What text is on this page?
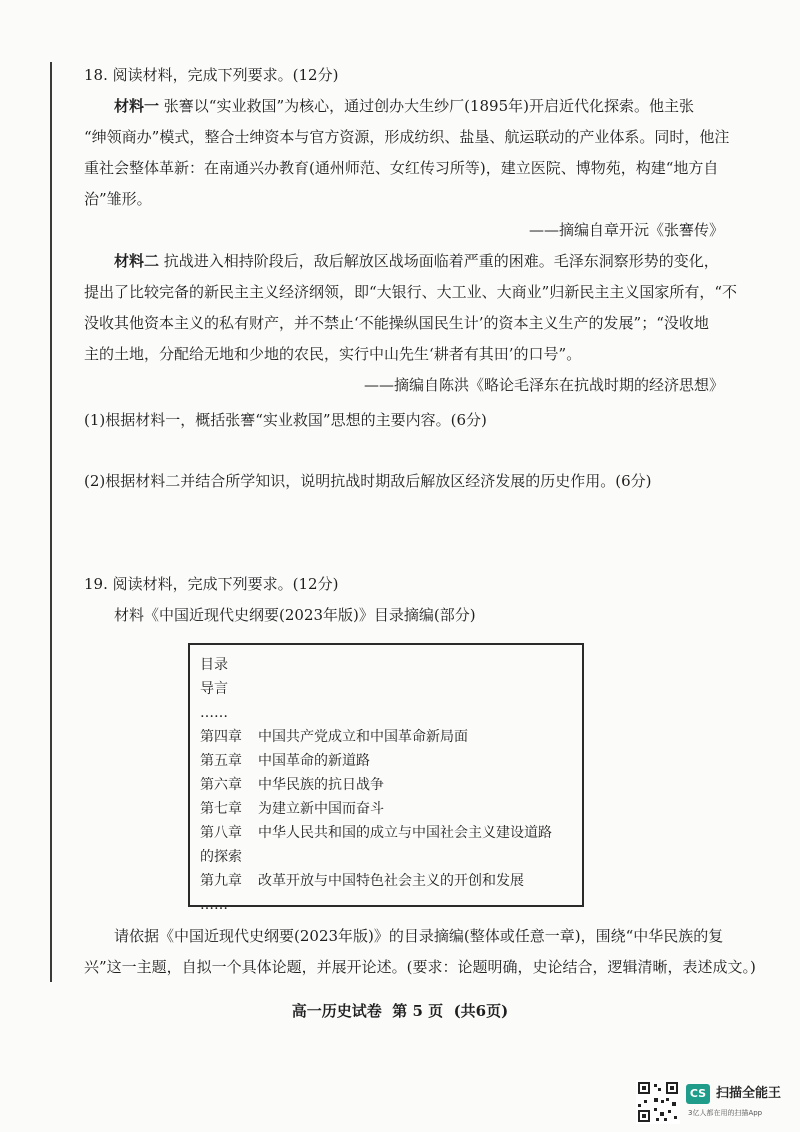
18. 阅读材料，完成下列要求。(12分)
材料一 张謇以“实业救国”为核心，通过创办大生纱厂(1895年)开启近代化探索。他主张
“绅领商办”模式，整合士绅资本与官方资源，形成纺织、盐垦、航运联动的产业体系。同时，他注
重社会整体革新：在南通兴办教育(通州师范、女红传习所等)，建立医院、博物苑，构建“地方自
治”雏形。
——摘编自章开沅《张謇传》
材料二 抗战进入相持阶段后，敌后解放区战场面临着严重的困难。毛泽东洞察形势的变化，
提出了比较完备的新民主主义经济纲领，即“大银行、大工业、大商业”归新民主主义国家所有，“不
没收其他资本主义的私有财产，并不禁止‘不能操纵国民生计’的资本主义生产的发展”；“没收地
主的土地，分配给无地和少地的农民，实行中山先生‘耕者有其田’的口号”。
——摘编自陈洪《略论毛泽东在抗战时期的经济思想》
(1)根据材料一，概括张謇“实业救国”思想的主要内容。(6分)
(2)根据材料二并结合所学知识，说明抗战时期敌后解放区经济发展的历史作用。(6分)
19. 阅读材料，完成下列要求。(12分)
材料《中国近现代史纲要(2023年版)》目录摘编(部分)
目录
导言
……
第四章 中国共产党成立和中国革命新局面
第五章 中国革命的新道路
第六章 中华民族的抗日战争
第七章 为建立新中国而奋斗
第八章 中华人民共和国的成立与中国社会主义建设道路
的探索
第九章 改革开放与中国特色社会主义的开创和发展
……
请依据《中国近现代史纲要(2023年版)》的目录摘编(整体或任意一章)，围绕“中华民族的复
兴”这一主题，自拟一个具体论题，并展开论述。(要求：论题明确，史论结合，逻辑清晰，表述成文。)
高一历史试卷  第 5 页  (共6页)
CS 扫描全能王
3亿人都在用的扫描App
